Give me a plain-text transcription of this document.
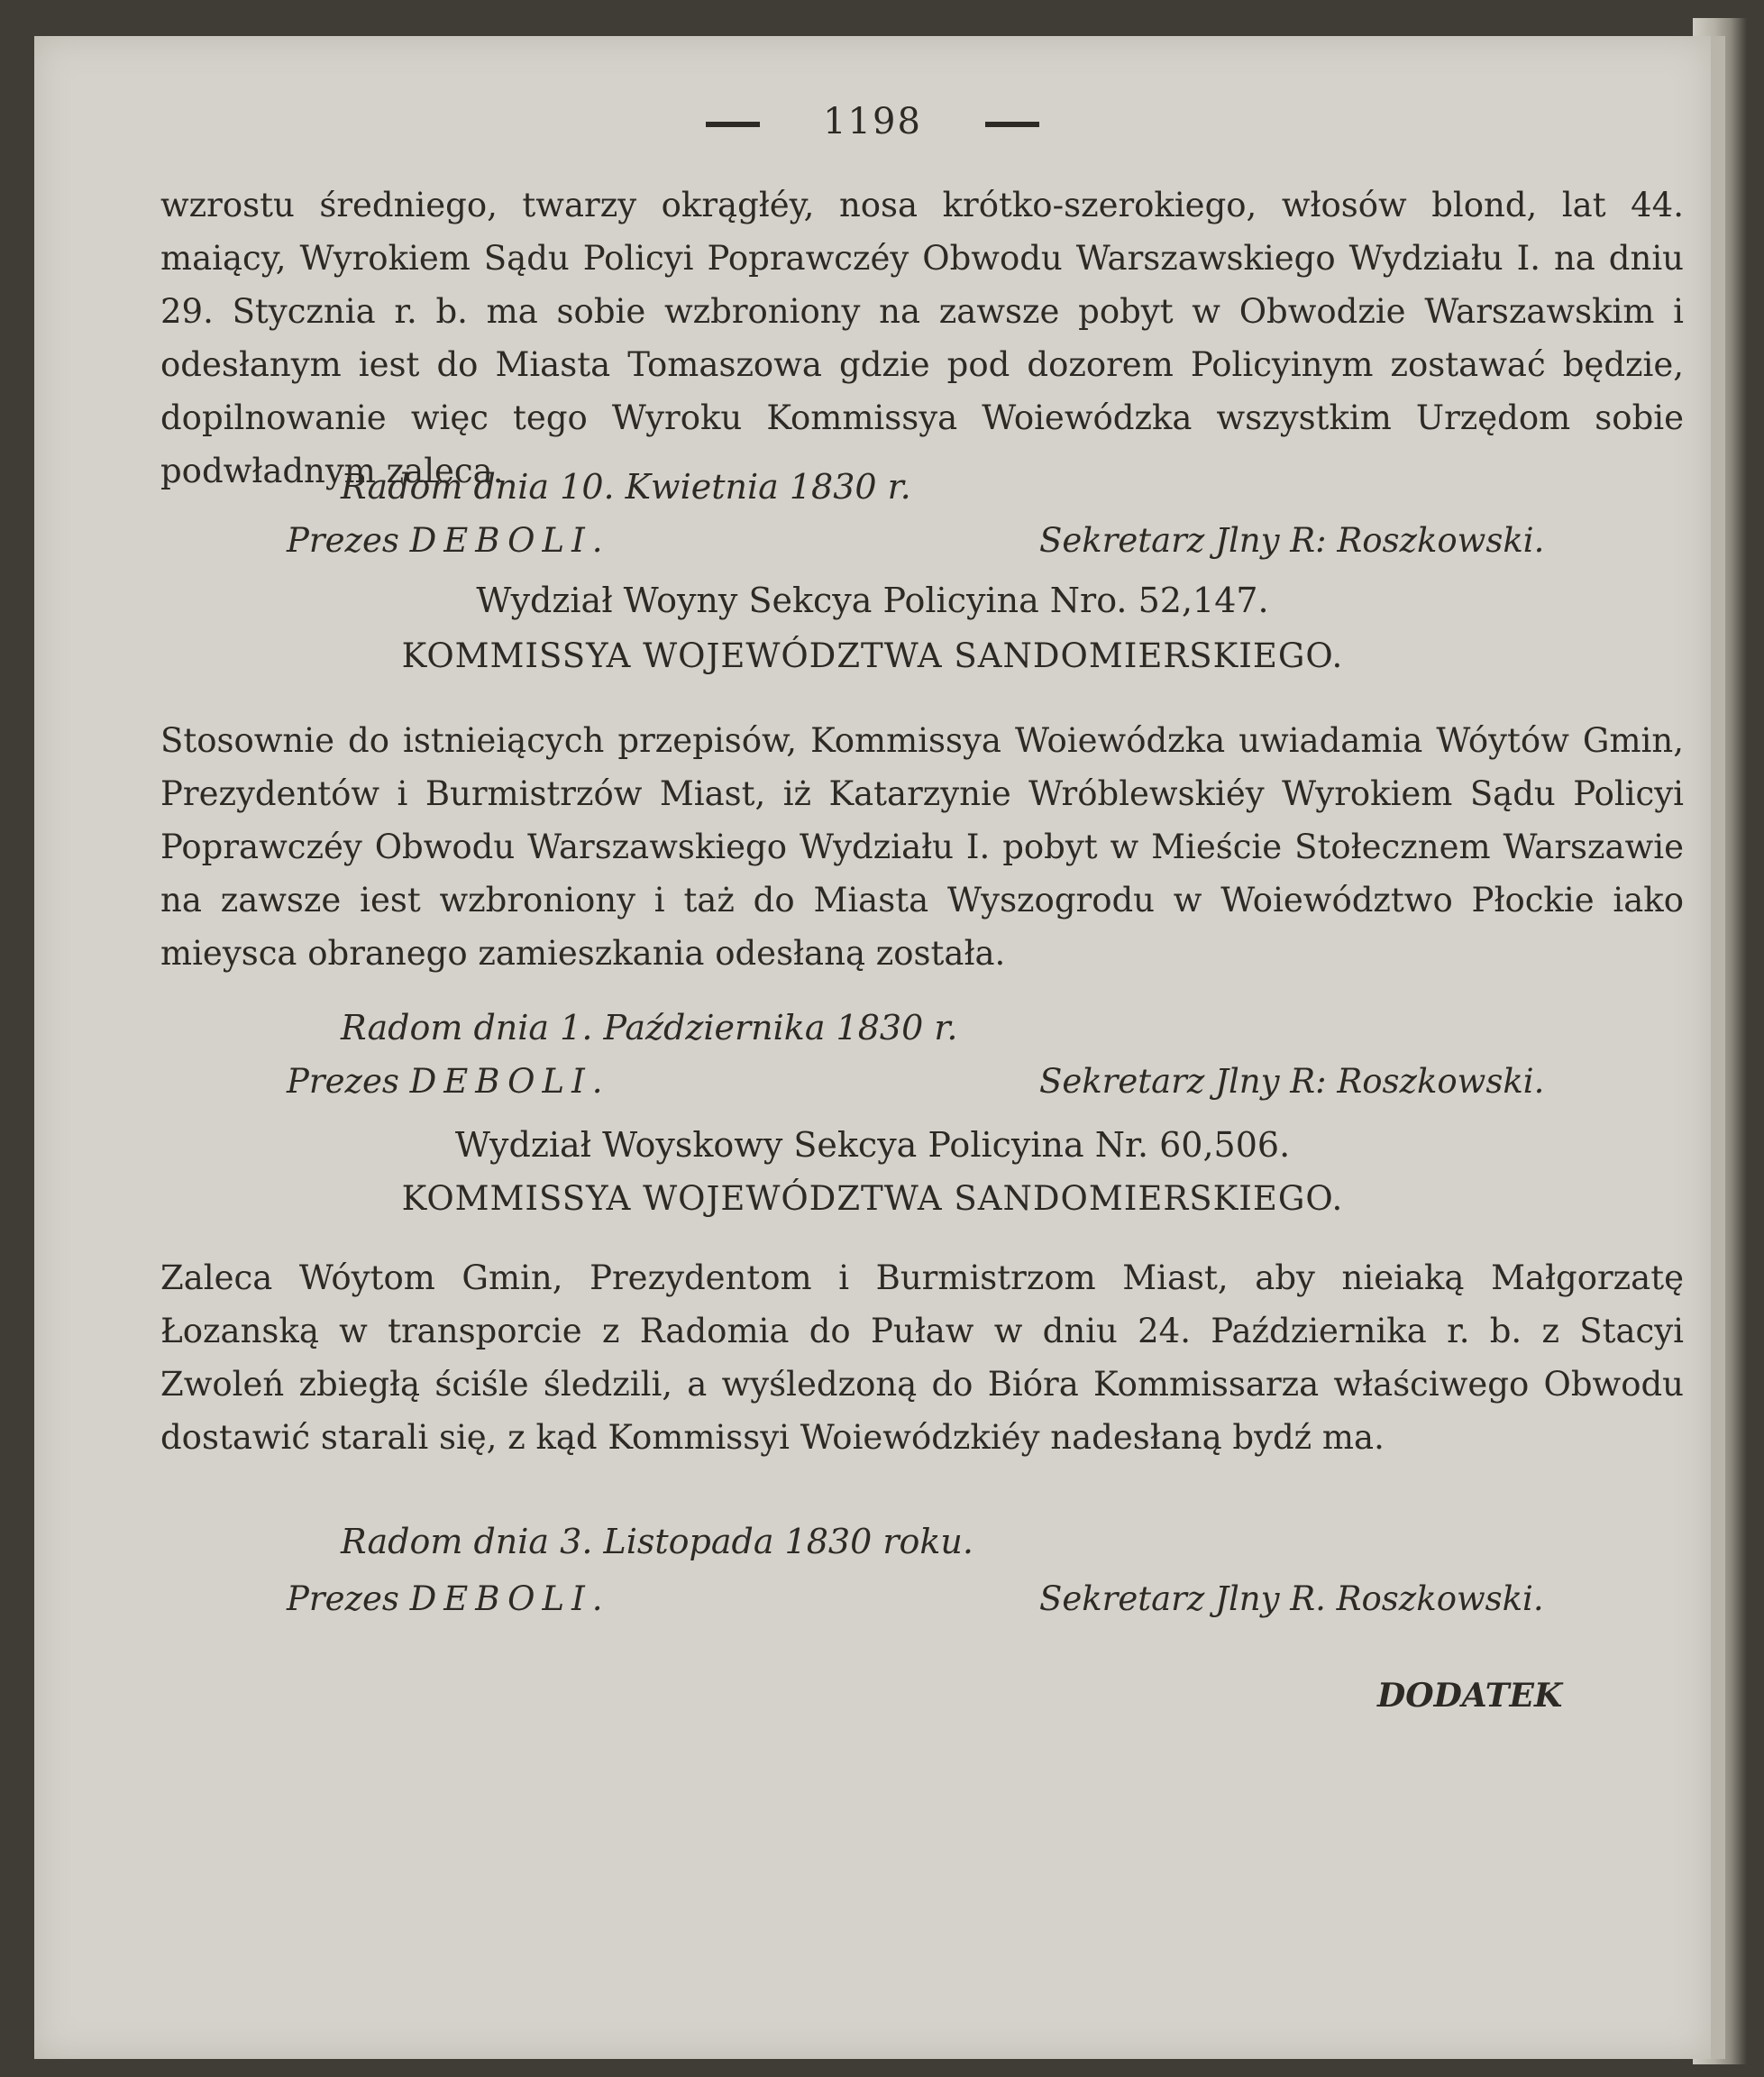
1198
wzrostu średniego, twarzy okrągłéy, nosa krótko-szerokiego, włosów blond, lat 44. maiący, Wyrokiem Sądu Policyi Poprawczéy Obwodu Warszawskiego Wydziału I. na dniu 29. Stycznia r. b. ma sobie wzbroniony na zawsze pobyt w Obwodzie Warszawskim i odesłanym iest do Miasta Tomaszowa gdzie pod dozorem Policyinym zostawać będzie, dopilnowanie więc tego Wyroku Kommissya Woiewódzka wszystkim Urzędom sobie podwładnym zaleca.
Radom dnia 10. Kwietnia 1830 r.
Prezes DEBOLI.	Sekretarz Jlny R: Roszkowski.
Wydział Woyny Sekcya Policyina Nro. 52,147.
KOMMISSYA WOJEWÓDZTWA SANDOMIERSKIEGO.
Stosownie do istnieiących przepisów, Kommissya Woiewódzka uwiadamia Wóytów Gmin, Prezydentów i Burmistrzów Miast, iż Katarzynie Wróblewskiéy Wyrokiem Sądu Policyi Poprawczéy Obwodu Warszawskiego Wydziału I. pobyt w Mieście Stołecznem Warszawie na zawsze iest wzbroniony i taż do Miasta Wyszogrodu w Woiewództwo Płockie iako mieysca obranego zamieszkania odesłaną została.
Radom dnia 1. Października 1830 r.
Prezes DEBOLI.	Sekretarz Jlny R: Roszkowski.
Wydział Woyskowy Sekcya Policyina Nr. 60,506.
KOMMISSYA WOJEWÓDZTWA SANDOMIERSKIEGO.
Zaleca Wóytom Gmin, Prezydentom i Burmistrzom Miast, aby nieiaką Małgorzatę Łozanską w transporcie z Radomia do Puław w dniu 24. Października r. b. z Stacyi Zwoleń zbiegłą ściśle śledzili, a wyśledzoną do Bióra Kommissarza właściwego Obwodu dostawić starali się, z kąd Kommissyi Woiewódzkiéy nadesłaną bydź ma.
Radom dnia 3. Listopada 1830 roku.
Prezes DEBOLI.	Sekretarz Jlny R. Roszkowski.
DODATEK
